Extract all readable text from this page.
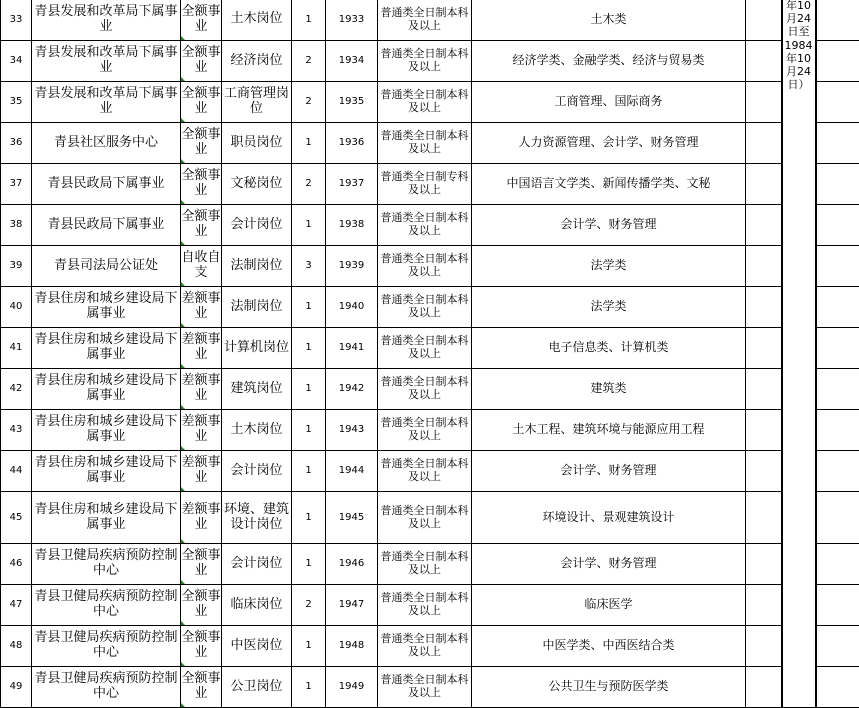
33	青县发展和改革局下属事业	全额事业	土木岗位	1	1933	普通类全日制本科及以上	土木类		年10月24日至1984年10月24日）	
34	青县发展和改革局下属事业	全额事业	经济岗位	2	1934	普通类全日制本科及以上	经济学类、金融学类、经济与贸易类			
35	青县发展和改革局下属事业	全额事业	工商管理岗位	2	1935	普通类全日制本科及以上	工商管理、国际商务			
36	青县社区服务中心	全额事业	职员岗位	1	1936	普通类全日制本科及以上	人力资源管理、会计学、财务管理			
37	青县民政局下属事业	全额事业	文秘岗位	2	1937	普通类全日制专科及以上	中国语言文学类、新闻传播学类、文秘			
38	青县民政局下属事业	全额事业	会计岗位	1	1938	普通类全日制本科及以上	会计学、财务管理			
39	青县司法局公证处	自收自支	法制岗位	3	1939	普通类全日制本科及以上	法学类			
40	青县住房和城乡建设局下属事业	差额事业	法制岗位	1	1940	普通类全日制本科及以上	法学类			
41	青县住房和城乡建设局下属事业	差额事业	计算机岗位	1	1941	普通类全日制本科及以上	电子信息类、计算机类			
42	青县住房和城乡建设局下属事业	差额事业	建筑岗位	1	1942	普通类全日制本科及以上	建筑类			
43	青县住房和城乡建设局下属事业	差额事业	土木岗位	1	1943	普通类全日制本科及以上	土木工程、建筑环境与能源应用工程			
44	青县住房和城乡建设局下属事业	差额事业	会计岗位	1	1944	普通类全日制本科及以上	会计学、财务管理			
45	青县住房和城乡建设局下属事业	差额事业	环境、建筑设计岗位	1	1945	普通类全日制本科及以上	环境设计、景观建筑设计			
46	青县卫健局疾病预防控制中心	全额事业	会计岗位	1	1946	普通类全日制本科及以上	会计学、财务管理			
47	青县卫健局疾病预防控制中心	全额事业	临床岗位	2	1947	普通类全日制本科及以上	临床医学			
48	青县卫健局疾病预防控制中心	全额事业	中医岗位	1	1948	普通类全日制本科及以上	中医学类、中西医结合类			
49	青县卫健局疾病预防控制中心	全额事业	公卫岗位	1	1949	普通类全日制本科及以上	公共卫生与预防医学类			
